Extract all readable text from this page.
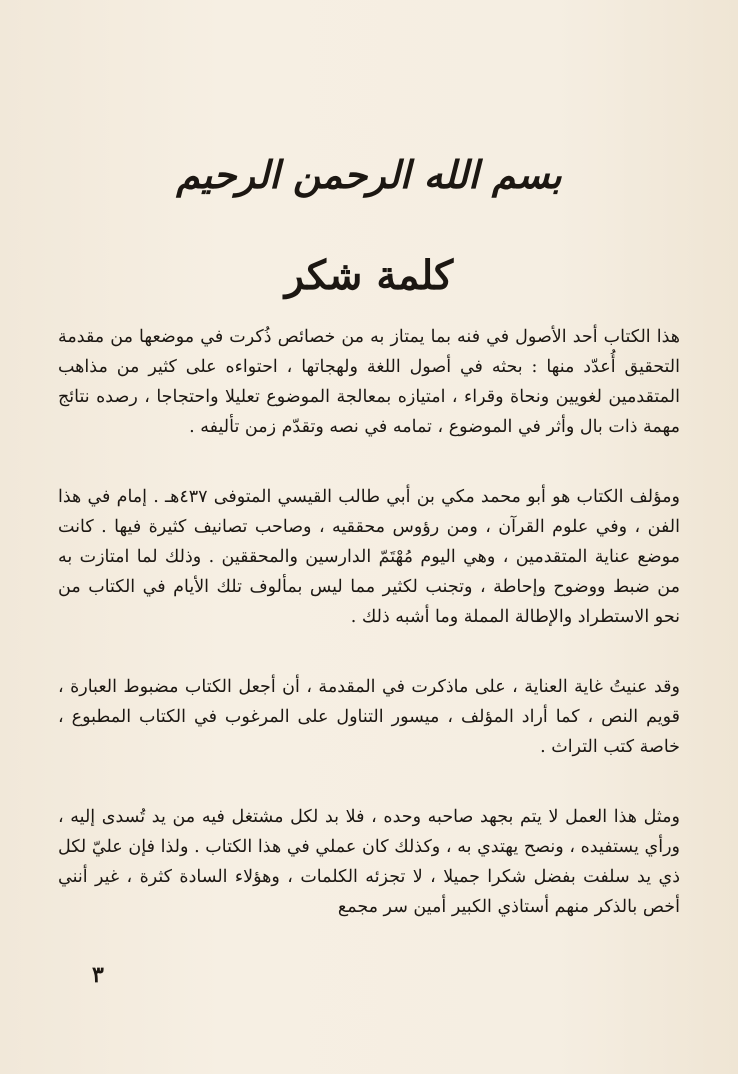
بسم الله الرحمن الرحيم
كلمة شكر

هذا الكتاب أحد الأصول في فنه بما يمتاز به من خصائص ذُكرت في موضعها من مقدمة التحقيق أُعدّد منها : بحثه في أصول اللغة ولهجاتها ، احتواءه على كثير من مذاهب المتقدمين لغويين ونحاة وقراء ، امتيازه بمعالجة الموضوع تعليلا واحتجاجا ، رصده نتائج مهمة ذات بال وأثر في الموضوع ، تمامه في نصه وتقدّم زمن تأليفه .

ومؤلف الكتاب هو أبو محمد مكي بن أبي طالب القيسي المتوفى ٤٣٧هـ . إمام في هذا الفن ، وفي علوم القرآن ، ومن رؤوس محققيه ، وصاحب تصانيف كثيرة فيها . كانت موضع عناية المتقدمين ، وهي اليوم مُهْتَمّ الدارسين والمحققين . وذلك لما امتازت به من ضبط ووضوح وإحاطة ، وتجنب لكثير مما ليس بمألوف تلك الأيام في الكتاب من نحو الاستطراد والإطالة المملة وما أشبه ذلك .

وقد عنيتُ غاية العناية ، على ماذكرت في المقدمة ، أن أجعل الكتاب مضبوط العبارة ، قويم النص ، كما أراد المؤلف ، ميسور التناول على المرغوب في الكتاب المطبوع ، خاصة كتب التراث .

ومثل هذا العمل لا يتم بجهد صاحبه وحده ، فلا بد لكل مشتغل فيه من يد تُسدى إليه ، ورأي يستفيده ، ونصح يهتدي به ، وكذلك كان عملي في هذا الكتاب . ولذا فإن عليّ لكل ذي يد سلفت بفضل شكرا جميلا ، لا تجزئه الكلمات ، وهؤلاء السادة كثرة ، غير أنني أخص بالذكر منهم أستاذي الكبير أمين سر مجمع

٣
